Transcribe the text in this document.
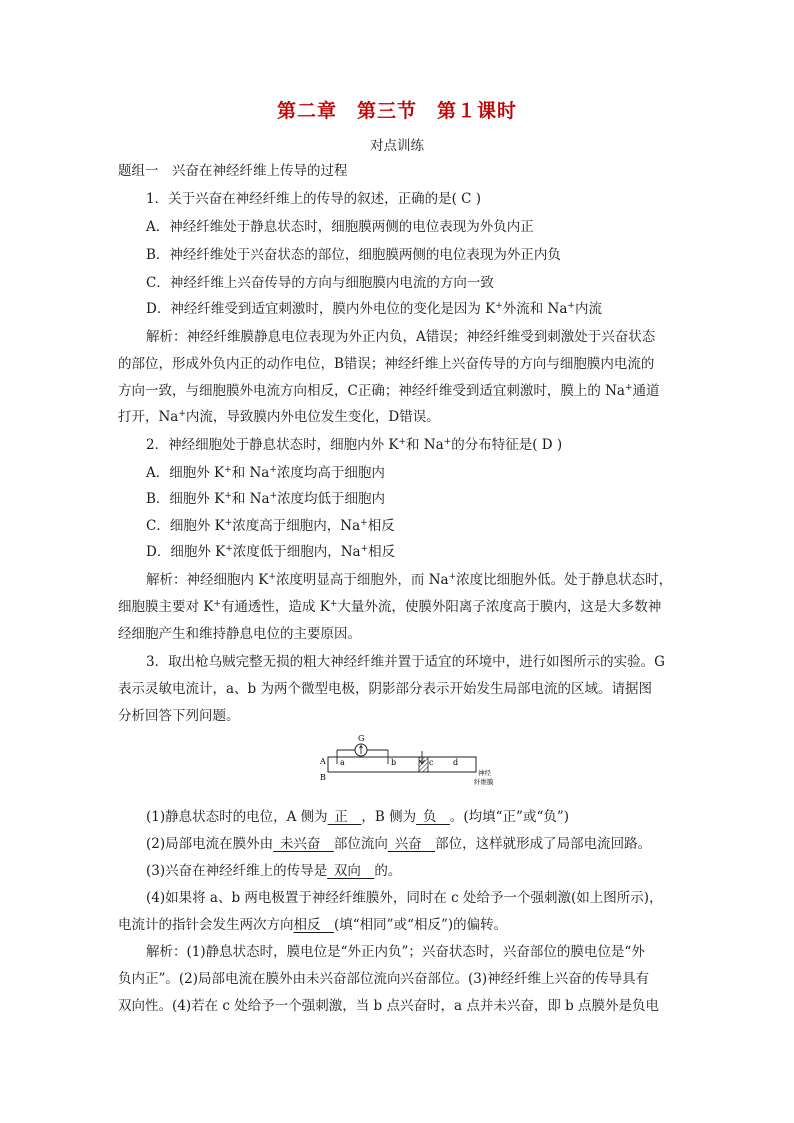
第二章　第三节　第１课时
对点训练
题组一　兴奋在神经纤维上传导的过程
1．关于兴奋在神经纤维上的传导的叙述，正确的是( C )
A．神经纤维处于静息状态时，细胞膜两侧的电位表现为外负内正
B．神经纤维处于兴奋状态的部位，细胞膜两侧的电位表现为外正内负
C．神经纤维上兴奋传导的方向与细胞膜内电流的方向一致
D．神经纤维受到适宜刺激时，膜内外电位的变化是因为 K+外流和 Na+内流
解析：神经纤维膜静息电位表现为外正内负，A错误；神经纤维受到刺激处于兴奋状态
的部位，形成外负内正的动作电位，B错误；神经纤维上兴奋传导的方向与细胞膜内电流的
方向一致，与细胞膜外电流方向相反，C正确；神经纤维受到适宜刺激时，膜上的 Na+通道
打开，Na+内流，导致膜内外电位发生变化，D错误。
2．神经细胞处于静息状态时，细胞内外 K+和 Na+的分布特征是( D )
A．细胞外 K+和 Na+浓度均高于细胞内
B．细胞外 K+和 Na+浓度均低于细胞内
C．细胞外 K+浓度高于细胞内，Na+相反
D．细胞外 K+浓度低于细胞内，Na+相反
解析：神经细胞内 K+浓度明显高于细胞外，而 Na+浓度比细胞外低。处于静息状态时，
细胞膜主要对 K+有通透性，造成 K+大量外流，使膜外阳离子浓度高于膜内，这是大多数神
经细胞产生和维持静息电位的主要原因。
3．取出枪乌贼完整无损的粗大神经纤维并置于适宜的环境中，进行如图所示的实验。G
表示灵敏电流计，a、b 为两个微型电极，阴影部分表示开始发生局部电流的区域。请据图
分析回答下列问题。
A
B
G
a	b	c d
神经
纤维膜
(1)静息状态时的电位，A 侧为  正   ，B 侧为  负   。(均填“正”或“负”)
(2)局部电流在膜外由  未兴奋   部位流向  兴奋   部位，这样就形成了局部电流回路。
(3)兴奋在神经纤维上的传导是  双向   的。
(4)如果将 a、b 两电极置于神经纤维膜外，同时在 c 处给予一个强刺激(如上图所示)，
电流计的指针会发生两次方向相反   (填“相同”或“相反”)的偏转。
解析：(1)静息状态时，膜电位是“外正内负”；兴奋状态时，兴奋部位的膜电位是“外
负内正”。(2)局部电流在膜外由未兴奋部位流向兴奋部位。(3)神经纤维上兴奋的传导具有
双向性。(4)若在 c 处给予一个强刺激，当 b 点兴奋时，a 点并未兴奋，即 b 点膜外是负电
